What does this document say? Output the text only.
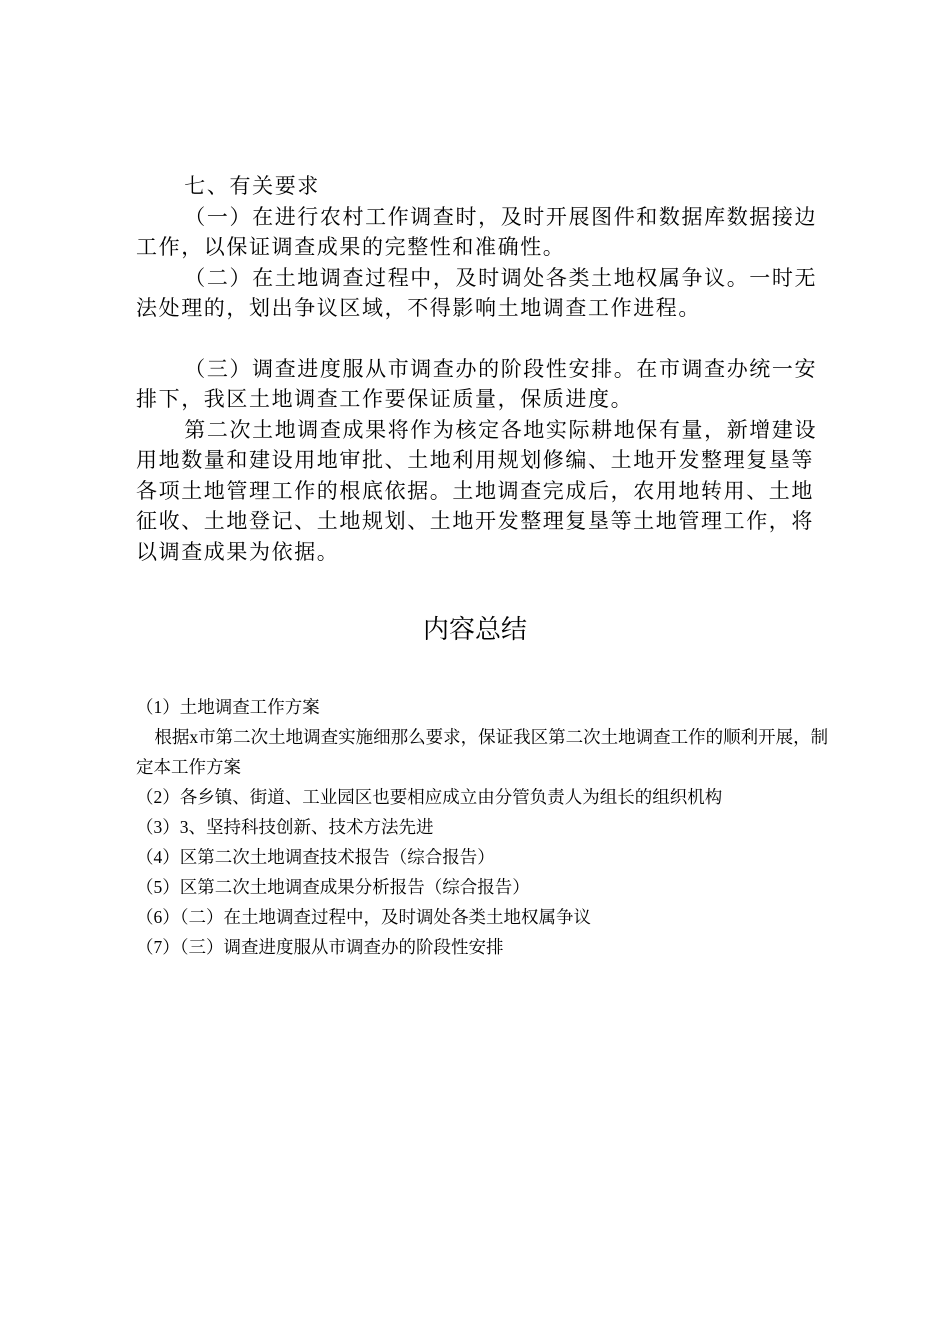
七、有关要求

（一）在进行农村工作调查时，及时开展图件和数据库数据接边工作，以保证调查成果的完整性和准确性。

（二）在土地调查过程中，及时调处各类土地权属争议。一时无法处理的，划出争议区域，不得影响土地调查工作进程。

（三）调查进度服从市调查办的阶段性安排。在市调查办统一安排下，我区土地调查工作要保证质量，保质进度。

第二次土地调查成果将作为核定各地实际耕地保有量，新增建设用地数量和建设用地审批、土地利用规划修编、土地开发整理复垦等各项土地管理工作的根底依据。土地调查完成后，农用地转用、土地征收、土地登记、土地规划、土地开发整理复垦等土地管理工作，将以调查成果为依据。

内容总结

（1）土地调查工作方案

根据x市第二次土地调查实施细那么要求，保证我区第二次土地调查工作的顺利开展，制定本工作方案

（2）各乡镇、街道、工业园区也要相应成立由分管负责人为组长的组织机构

（3）3、坚持科技创新、技术方法先进

（4）区第二次土地调查技术报告（综合报告）

（5）区第二次土地调查成果分析报告（综合报告）

（6）（二）在土地调查过程中，及时调处各类土地权属争议

（7）（三）调查进度服从市调查办的阶段性安排
